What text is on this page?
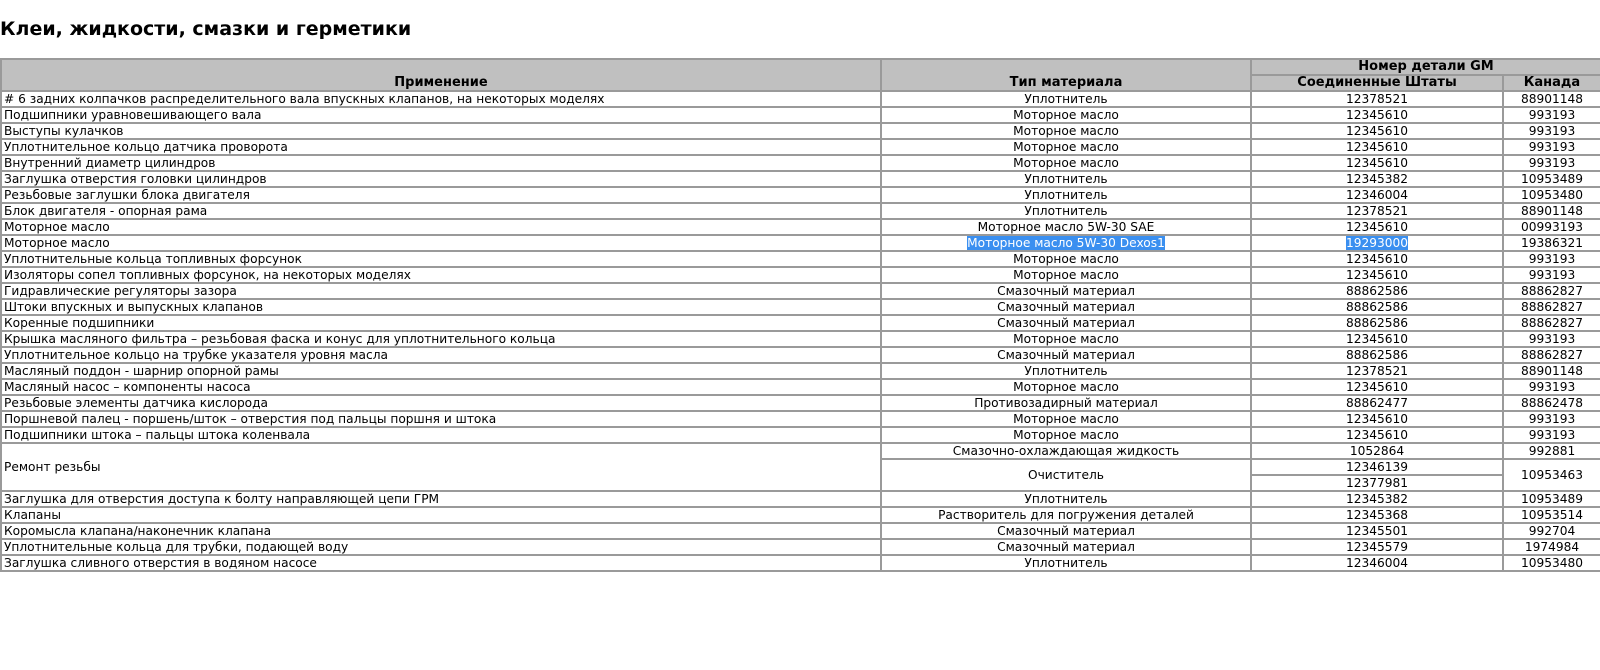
Клеи, жидкости, смазки и герметики
Применение	Тип материала	Номер детали GM	
		Соединенные Штаты	Канада
# 6 задних колпачков распределительного вала впускных клапанов, на некоторых моделях	Уплотнитель	12378521	88901148
Подшипники уравновешивающего вала	Моторное масло	12345610	993193
Выступы кулачков	Моторное масло	12345610	993193
Уплотнительное кольцо датчика проворота	Моторное масло	12345610	993193
Внутренний диаметр цилиндров	Моторное масло	12345610	993193
Заглушка отверстия головки цилиндров	Уплотнитель	12345382	10953489
Резьбовые заглушки блока двигателя	Уплотнитель	12346004	10953480
Блок двигателя - опорная рама	Уплотнитель	12378521	88901148
Моторное масло	Моторное масло 5W-30 SAE	12345610	00993193
Моторное масло	Моторное масло 5W-30 Dexos1	19293000	19386321
Уплотнительные кольца топливных форсунок	Моторное масло	12345610	993193
Изоляторы сопел топливных форсунок, на некоторых моделях	Моторное масло	12345610	993193
Гидравлические регуляторы зазора	Смазочный материал	88862586	88862827
Штоки впускных и выпускных клапанов	Смазочный материал	88862586	88862827
Коренные подшипники	Смазочный материал	88862586	88862827
Крышка масляного фильтра – резьбовая фаска и конус для уплотнительного кольца	Моторное масло	12345610	993193
Уплотнительное кольцо на трубке указателя уровня масла	Смазочный материал	88862586	88862827
Масляный поддон - шарнир опорной рамы	Уплотнитель	12378521	88901148
Масляный насос – компоненты насоса	Моторное масло	12345610	993193
Резьбовые элементы датчика кислорода	Противозадирный материал	88862477	88862478
Поршневой палец - поршень/шток – отверстия под пальцы поршня и штока	Моторное масло	12345610	993193
Подшипники штока – пальцы штока коленвала	Моторное масло	12345610	993193
Ремонт резьбы	Смазочно-охлаждающая жидкость	1052864	992881
	Очиститель	12346139	10953463
		12377981	
Заглушка для отверстия доступа к болту направляющей цепи ГРМ	Уплотнитель	12345382	10953489
Клапаны	Растворитель для погружения деталей	12345368	10953514
Коромысла клапана/наконечник клапана	Смазочный материал	12345501	992704
Уплотнительные кольца для трубки, подающей воду	Смазочный материал	12345579	1974984
Заглушка сливного отверстия в водяном насосе	Уплотнитель	12346004	10953480
